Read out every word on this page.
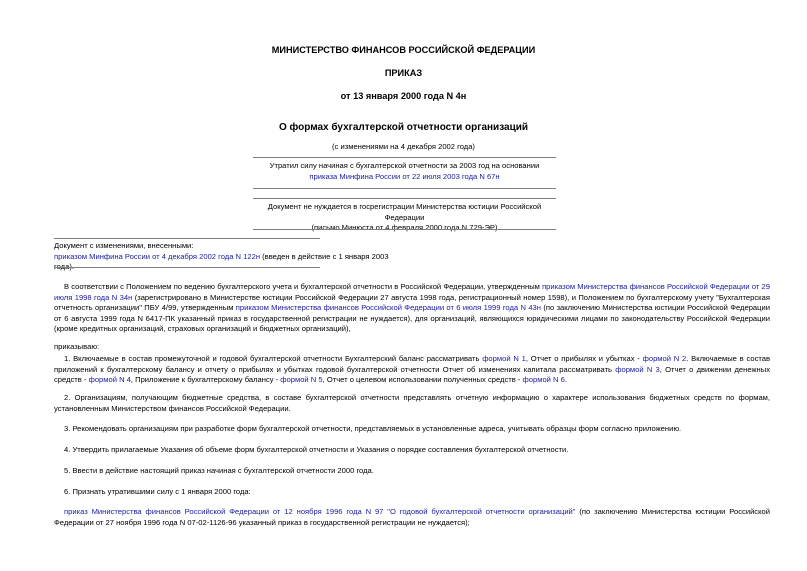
МИНИСТЕРСТВО ФИНАНСОВ РОССИЙСКОЙ ФЕДЕРАЦИИ
ПРИКАЗ
от 13 января 2000 года N 4н
О формах бухгалтерской отчетности организаций
(с изменениями на 4 декабря 2002 года)
Утратил силу начиная с бухгалтерской отчетности за 2003 год на основании
приказа Минфина России от 22 июля 2003 года N 67н
Документ не нуждается в госрегистрации Министерства юстиции Российской Федерации
(письмо Минюста от 4 февраля 2000 года N 729-ЭР)
Документ с изменениями, внесенными:
приказом Минфина России от 4 декабря 2002 года N 122н (введен в действие с 1 января 2003 года).
В соответствии с Положением по ведению бухгалтерского учета и бухгалтерской отчетности в Российской Федерации, утвержденным приказом Министерства финансов Российской Федерации от 29 июля 1998 года N 34н (зарегистрировано в Министерстве юстиции Российской Федерации 27 августа 1998 года, регистрационный номер 1598), и Положением по бухгалтерскому учету "Бухгалтерская отчетность организации" ПБУ 4/99, утвержденным приказом Министерства финансов Российской Федерации от 6 июля 1999 года N 43н (по заключению Министерства юстиции Российской Федерации от 6 августа 1999 года N 6417-ПК указанный приказ в государственной регистрации не нуждается), для организаций, являющихся юридическими лицами по законодательству Российской Федерации (кроме кредитных организаций, страховых организаций и бюджетных организаций),
приказываю:
1. Включаемые в состав промежуточной и годовой бухгалтерской отчетности Бухгалтерский баланс рассматривать формой N 1, Отчет о прибылях и убытках - формой N 2. Включаемые в состав приложений к бухгалтерскому балансу и отчету о прибылях и убытках годовой бухгалтерской отчетности Отчет об изменениях капитала рассматривать формой N 3, Отчет о движении денежных средств - формой N 4, Приложение к бухгалтерскому балансу - формой N 5, Отчет о целевом использовании полученных средств - формой N 6.
2. Организациям, получающим бюджетные средства, в составе бухгалтерской отчетности представлять отчетную информацию о характере использования бюджетных средств по формам, установленным Министерством финансов Российской Федерации.
3. Рекомендовать организациям при разработке форм бухгалтерской отчетности, представляемых в установленные адреса, учитывать образцы форм согласно приложению.
4. Утвердить прилагаемые Указания об объеме форм бухгалтерской отчетности и Указания о порядке составления бухгалтерской отчетности.
5. Ввести в действие настоящий приказ начиная с бухгалтерской отчетности 2000 года.
6. Признать утратившими силу с 1 января 2000 года:
приказ Министерства финансов Российской Федерации от 12 ноября 1996 года N 97 "О годовой бухгалтерской отчетности организаций" (по заключению Министерства юстиции Российской Федерации от 27 ноября 1996 года N 07-02-1126-96 указанный приказ в государственной регистрации не нуждается);
